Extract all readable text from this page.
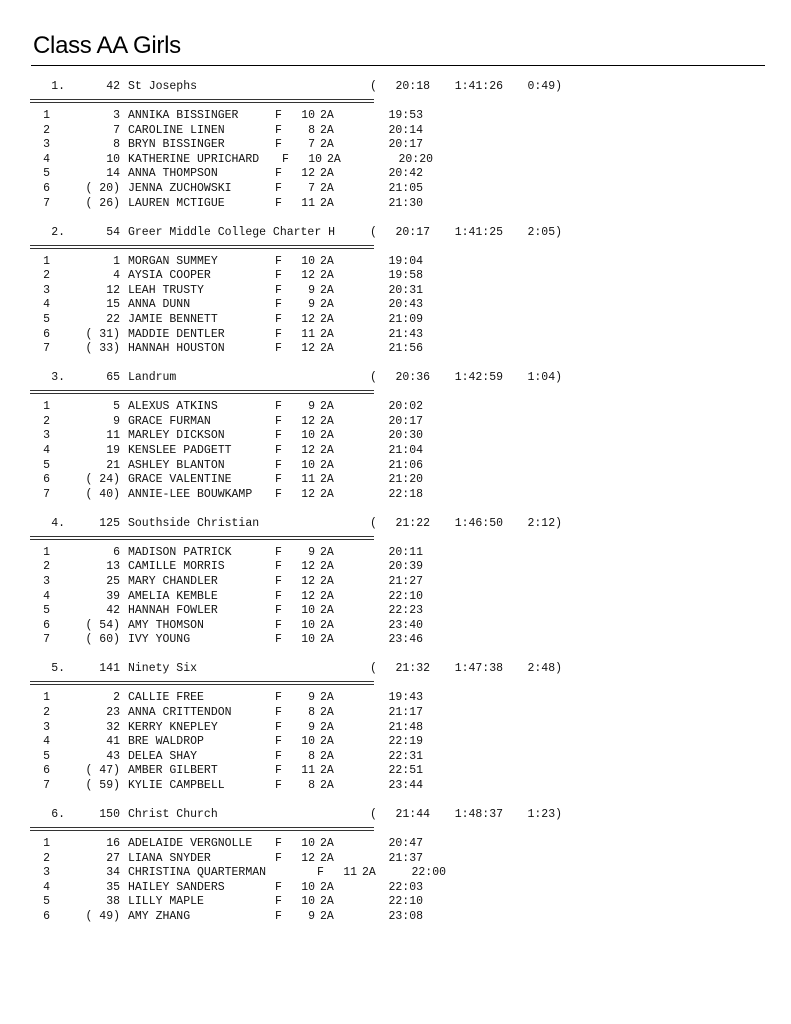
Class AA Girls
1.	42 St Josephs	(	20:18	1:41:26	0:49)
1	3 ANNIKA BISSINGER	F	10 2A	19:53
2	7 CAROLINE LINEN	F	8 2A	20:14
3	8 BRYN BISSINGER	F	7 2A	20:17
4	10 KATHERINE UPRICHARD F	10 2A	20:20
5	14 ANNA THOMPSON	F	12 2A	20:42
6	( 20) JENNA ZUCHOWSKI	F	7 2A	21:05
7	( 26) LAUREN MCTIGUE	F	11 2A	21:30
2.	54 Greer Middle College Charter H	(	20:17	1:41:25	2:05)
1	1 MORGAN SUMMEY	F	10 2A	19:04
2	4 AYSIA COOPER	F	12 2A	19:58
3	12 LEAH TRUSTY	F	9 2A	20:31
4	15 ANNA DUNN	F	9 2A	20:43
5	22 JAMIE BENNETT	F	12 2A	21:09
6	( 31) MADDIE DENTLER	F	11 2A	21:43
7	( 33) HANNAH HOUSTON	F	12 2A	21:56
3.	65 Landrum	(	20:36	1:42:59	1:04)
1	5 ALEXUS ATKINS	F	9 2A	20:02
2	9 GRACE FURMAN	F	12 2A	20:17
3	11 MARLEY DICKSON	F	10 2A	20:30
4	19 KENSLEE PADGETT	F	12 2A	21:04
5	21 ASHLEY BLANTON	F	10 2A	21:06
6	( 24) GRACE VALENTINE	F	11 2A	21:20
7	( 40) ANNIE-LEE BOUWKAMP F	12 2A	22:18
4.	125 Southside Christian	(	21:22	1:46:50	2:12)
1	6 MADISON PATRICK	F	9 2A	20:11
2	13 CAMILLE MORRIS	F	12 2A	20:39
3	25 MARY CHANDLER	F	12 2A	21:27
4	39 AMELIA KEMBLE	F	12 2A	22:10
5	42 HANNAH FOWLER	F	10 2A	22:23
6	( 54) AMY THOMSON	F	10 2A	23:40
7	( 60) IVY YOUNG	F	10 2A	23:46
5.	141 Ninety Six	(	21:32	1:47:38	2:48)
1	2 CALLIE FREE	F	9 2A	19:43
2	23 ANNA CRITTENDON	F	8 2A	21:17
3	32 KERRY KNEPLEY	F	9 2A	21:48
4	41 BRE WALDROP	F	10 2A	22:19
5	43 DELEA SHAY	F	8 2A	22:31
6	( 47) AMBER GILBERT	F	11 2A	22:51
7	( 59) KYLIE CAMPBELL	F	8 2A	23:44
6.	150 Christ Church	(	21:44	1:48:37	1:23)
1	16 ADELAIDE VERGNOLLE F	10 2A	20:47
2	27 LIANA SNYDER	F	12 2A	21:37
3	34 CHRISTINA QUARTERMAN	F	11 2A	22:00
4	35 HAILEY SANDERS	F	10 2A	22:03
5	38 LILLY MAPLE	F	10 2A	22:10
6	( 49) AMY ZHANG	F	9 2A	23:08
